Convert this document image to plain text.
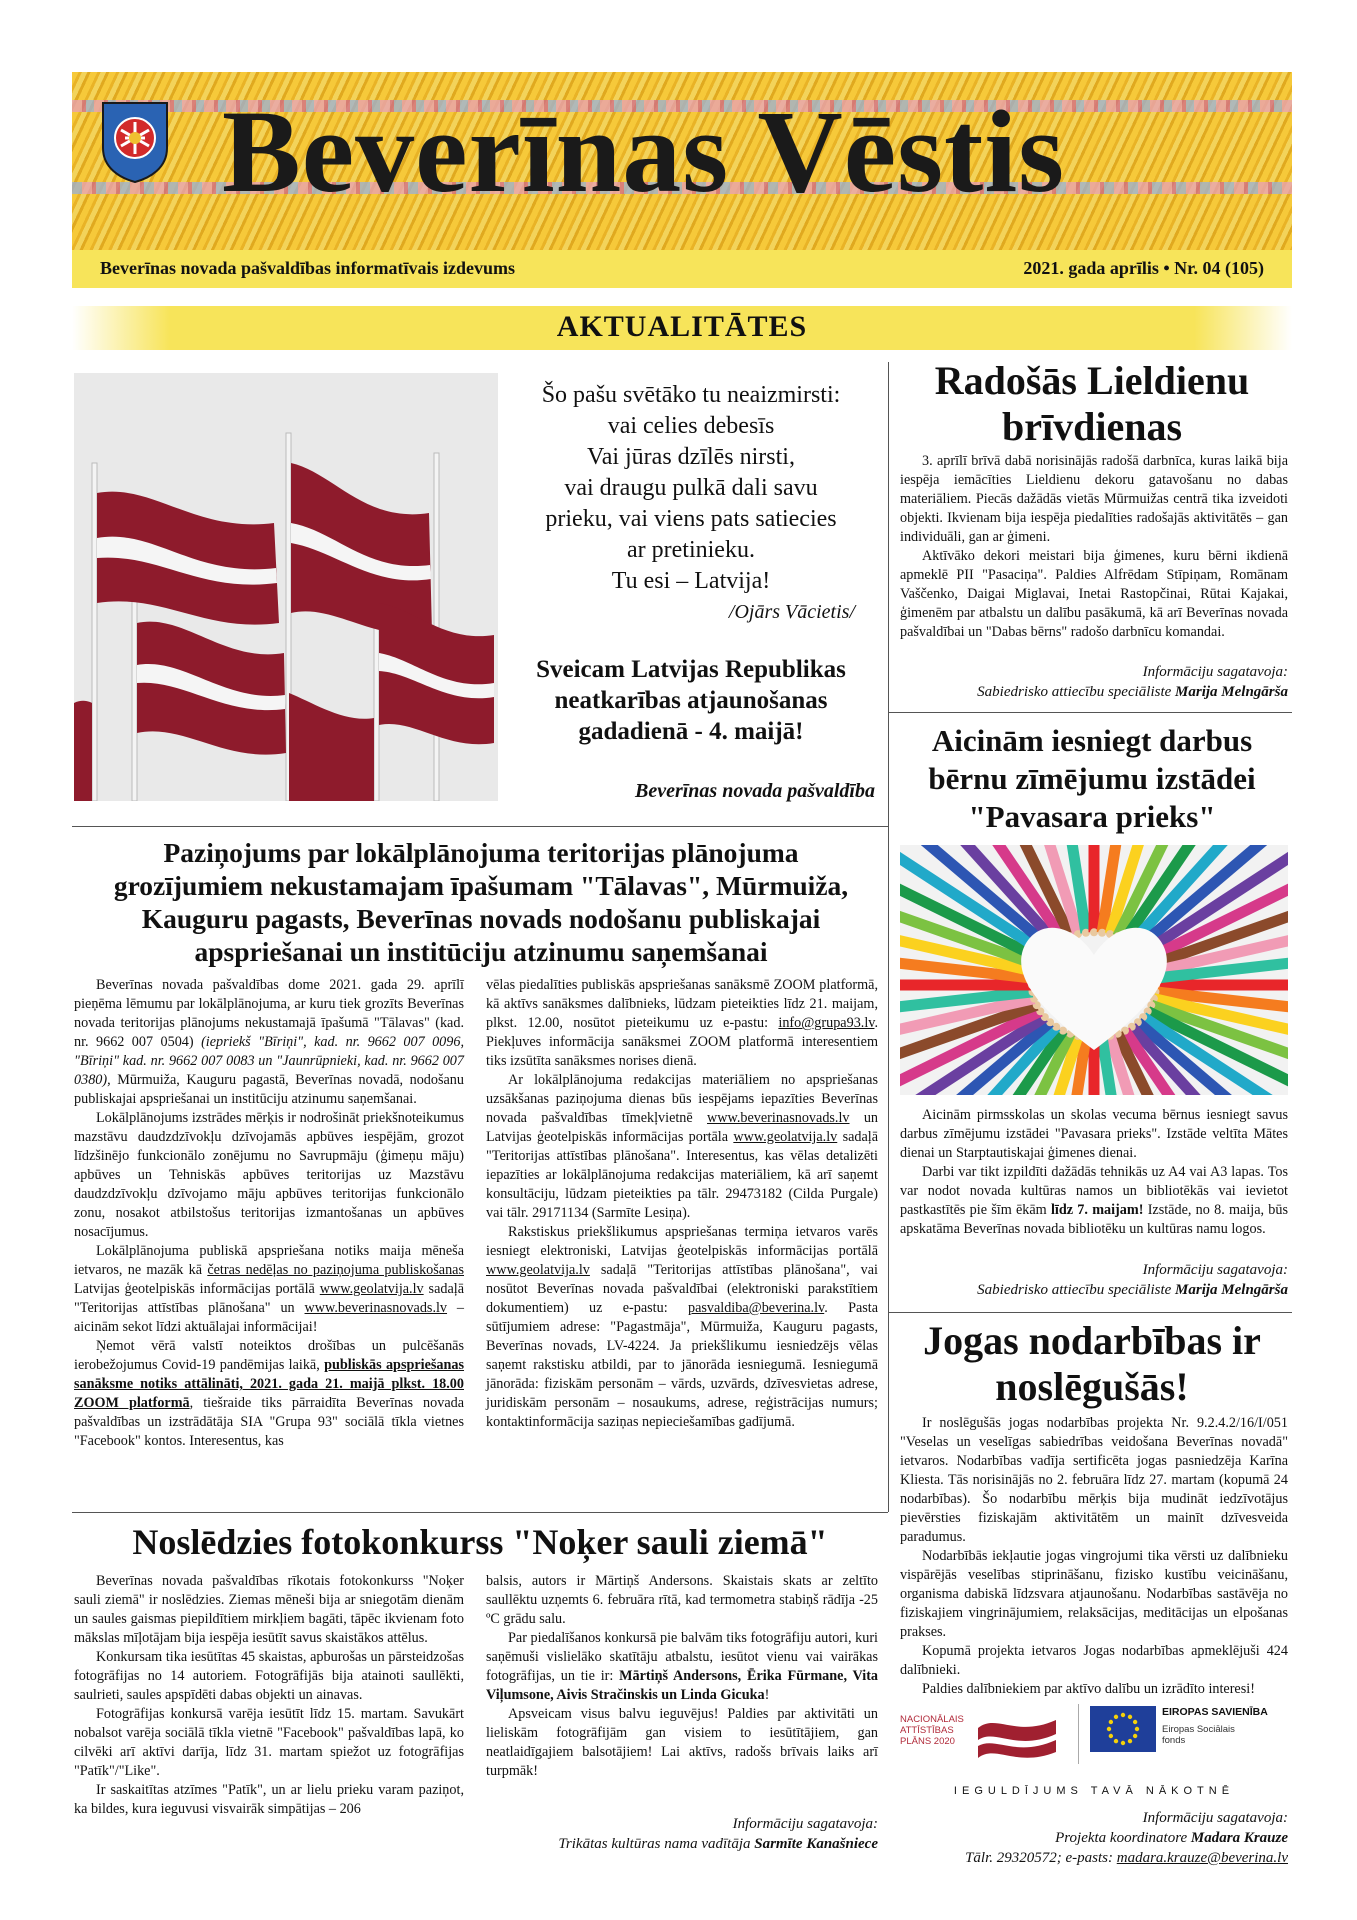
Beverīnas Vēstis
Beverīnas novada pašvaldības informatīvais izdevums	2021. gada aprīlis • Nr. 04 (105)
AKTUALITĀTES
Šo pašu svētāko tu neaizmirsti:
vai celies debesīs
Vai jūras dzīlēs nirsti,
vai draugu pulkā dali savu
prieku, vai viens pats satiecies
ar pretinieku.
Tu esi – Latvija!
/Ojārs Vācietis/
Sveicam Latvijas Republikas neatkarības atjaunošanas gadadienā - 4. maijā!
Beverīnas novada pašvaldība
Radošās Lieldienu brīvdienas

3. aprīlī brīvā dabā norisinājās radošā darbnīca, kuras laikā bija iespēja iemācīties Lieldienu dekoru gatavošanu no dabas materiāliem. Piecās dažādās vietās Mūrmuižas centrā tika izveidoti objekti. Ikvienam bija iespēja piedalīties radošajās aktivitātēs – gan individuāli, gan ar ģimeni.

Aktīvāko dekori meistari bija ģimenes, kuru bērni ikdienā apmeklē PII "Pasaciņa". Paldies Alfrēdam Stīpiņam, Romānam Vaščenko, Daigai Miglavai, Inetai Rastopčinai, Rūtai Kajakai, ģimenēm par atbalstu un dalību pasākumā, kā arī Beverīnas novada pašvaldībai un "Dabas bērns" radošo darbnīcu komandai.

Informāciju sagatavoja:
Sabiedrisko attiecību speciāliste Marija Melngārša
Aicinām iesniegt darbus bērnu zīmējumu izstādei "Pavasara prieks"

Aicinām pirmsskolas un skolas vecuma bērnus iesniegt savus darbus zīmējumu izstādei "Pavasara prieks". Izstāde veltīta Mātes dienai un Starptautiskajai ģimenes dienai.

Darbi var tikt izpildīti dažādās tehnikās uz A4 vai A3 lapas. Tos var nodot novada kultūras namos un bibliotēkās vai ievietot pastkastītēs pie šīm ēkām līdz 7. maijam! Izstāde, no 8. maija, būs apskatāma Beverīnas novada bibliotēku un kultūras namu logos.

Informāciju sagatavoja:
Sabiedrisko attiecību speciāliste Marija Melngārša
Paziņojums par lokālplānojuma teritorijas plānojuma grozījumiem nekustamajam īpašumam "Tālavas", Mūrmuiža, Kauguru pagasts, Beverīnas novads nodošanu publiskajai apspriešanai un institūciju atzinumu saņemšanai

Beverīnas novada pašvaldības dome 2021. gada 29. aprīlī pieņēma lēmumu par lokālplānojuma, ar kuru tiek grozīts Beverīnas novada teritorijas plānojums nekustamajā īpašumā "Tālavas" (kad. nr. 9662 007 0504) (iepriekš "Bīriņi", kad. nr. 9662 007 0096, "Bīriņi" kad. nr. 9662 007 0083 un "Jaunrūpnieki, kad. nr. 9662 007 0380), Mūrmuiža, Kauguru pagastā, Beverīnas novadā, nodošanu publiskajai apspriešanai un institūciju atzinumu saņemšanai.

Lokālplānojums izstrādes mērķis ir nodrošināt priekšnoteikumus mazstāvu daudzdzīvokļu dzīvojamās apbūves iespējām, grozot līdzšinējo funkcionālo zonējumu no Savrupmāju (ģimeņu māju) apbūves un Tehniskās apbūves teritorijas uz Mazstāvu daudzdzīvokļu dzīvojamo māju apbūves teritorijas funkcionālo zonu, nosakot atbilstošus teritorijas izmantošanas un apbūves nosacījumus.

Lokālplānojuma publiskā apspriešana notiks maija mēneša ietvaros, ne mazāk kā četras nedēļas no paziņojuma publiskošanas Latvijas ģeotelpiskās informācijas portālā www.geolatvija.lv sadaļā "Teritorijas attīstības plānošana" un www.beverinasnovads.lv – aicinām sekot līdzi aktuālajai informācijai!

Ņemot vērā valstī noteiktos drošības un pulcēšanās ierobežojumus Covid-19 pandēmijas laikā, publiskās apspriešanas sanāksme notiks attālināti, 2021. gada 21. maijā plkst. 18.00 ZOOM platformā, tiešraide tiks pārraidīta Beverīnas novada pašvaldības un izstrādātāja SIA "Grupa 93" sociālā tīkla vietnes "Facebook" kontos. Interesentus, kas

vēlas piedalīties publiskās apspriešanas sanāksmē ZOOM platformā, kā aktīvs sanāksmes dalībnieks, lūdzam pieteikties līdz 21. maijam, plkst. 12.00, nosūtot pieteikumu uz e-pastu: info@grupa93.lv. Piekļuves informācija sanāksmei ZOOM platformā interesentiem tiks izsūtīta sanāksmes norises dienā.

Ar lokālplānojuma redakcijas materiāliem no apspriešanas uzsākšanas paziņojuma dienas būs iespējams iepazīties Beverīnas novada pašvaldības tīmekļvietnē www.beverinasnovads.lv un Latvijas ģeotelpiskās informācijas portāla www.geolatvija.lv sadaļā "Teritorijas attīstības plānošana". Interesentus, kas vēlas detalizēti iepazīties ar lokālplānojuma redakcijas materiāliem, kā arī saņemt konsultāciju, lūdzam pieteikties pa tālr. 29473182 (Cilda Purgale) vai tālr. 29171134 (Sarmīte Lesiņa).

Rakstiskus priekšlikumus apspriešanas termiņa ietvaros varēs iesniegt elektroniski, Latvijas ģeotelpiskās informācijas portālā www.geolatvija.lv sadaļā "Teritorijas attīstības plānošana", vai nosūtot Beverīnas novada pašvaldībai (elektroniski parakstītiem dokumentiem) uz e-pastu: pasvaldiba@beverina.lv. Pasta sūtījumiem adrese: "Pagastmāja", Mūrmuiža, Kauguru pagasts, Beverīnas novads, LV-4224. Ja priekšlikumu iesniedzējs vēlas saņemt rakstisku atbildi, par to jānorāda iesniegumā. Iesniegumā jānorāda: fiziskām personām – vārds, uzvārds, dzīvesvietas adrese, juridiskām personām – nosaukums, adrese, reģistrācijas numurs; kontaktinformācija saziņas nepieciešamības gadījumā.

Noslēdzies fotokonkurss "Noķer sauli ziemā"

Beverīnas novada pašvaldības rīkotais fotokonkurss "Noķer sauli ziemā" ir noslēdzies. Ziemas mēneši bija ar sniegotām dienām un saules gaismas piepildītiem mirkļiem bagāti, tāpēc ikvienam foto mākslas mīļotājam bija iespēja iesūtīt savus skaistākos attēlus.

Konkursam tika iesūtītas 45 skaistas, apburošas un pārsteidzošas fotogrāfijas no 14 autoriem. Fotogrāfijās bija atainoti saullēkti, saulrieti, saules apspīdēti dabas objekti un ainavas.

Fotogrāfijas konkursā varēja iesūtīt līdz 15. martam. Savukārt nobalsot varēja sociālā tīkla vietnē "Facebook" pašvaldības lapā, ko cilvēki arī aktīvi darīja, līdz 31. martam spiežot uz fotogrāfijas "Patīk"/"Like".

Ir saskaitītas atzīmes "Patīk", un ar lielu prieku varam paziņot, ka bildes, kura ieguvusi visvairāk simpātijas – 206

balsis, autors ir Mārtiņš Andersons. Skaistais skats ar zeltīto saullēktu uzņemts 6. februāra rītā, kad termometra stabiņš rādīja -25 ºC grādu salu.

Par piedalīšanos konkursā pie balvām tiks fotogrāfiju autori, kuri saņēmuši vislielāko skatītāju atbalstu, iesūtot vienu vai vairākas fotogrāfijas, un tie ir: Mārtiņš Andersons, Ērika Fūrmane, Vita Viļumsone, Aivis Stračinskis un Linda Gicuka!

Apsveicam visus balvu ieguvējus! Paldies par aktivitāti un lieliskām fotogrāfijām gan visiem to iesūtītājiem, gan neatlaidīgajiem balsotājiem! Lai aktīvs, radošs brīvais laiks arī turpmāk!

Informāciju sagatavoja:
Trikātas kultūras nama vadītāja Sarmīte Kanašniece
Jogas nodarbības ir noslēgušās!

Ir noslēgušās jogas nodarbības projekta Nr. 9.2.4.2/16/I/051 "Veselas un veselīgas sabiedrības veidošana Beverīnas novadā" ietvaros. Nodarbības vadīja sertificēta jogas pasniedzēja Karīna Kliesta. Tās norisinājās no 2. februāra līdz 27. martam (kopumā 24 nodarbības). Šo nodarbību mērķis bija mudināt iedzīvotājus pievērsties fiziskajām aktivitātēm un mainīt dzīvesveida paradumus.

Nodarbībās iekļautie jogas vingrojumi tika vērsti uz dalībnieku vispārējās veselības stiprināšanu, fizisko kustību veicināšanu, organisma dabiskā līdzsvara atjaunošanu. Nodarbības sastāvēja no fiziskajiem vingrinājumiem, relaksācijas, meditācijas un elpošanas prakses.

Kopumā projekta ietvaros Jogas nodarbības apmeklējuši 424 dalībnieki.

Paldies dalībniekiem par aktīvo dalību un izrādīto interesi!

NACIONĀLAIS
ATTĪSTĪBAS
PLĀNS 2020
EIROPAS SAVIENĪBA
Eiropas Sociālais
fonds
IEGULDĪJUMS TAVĀ NĀKOTNĒ
Informāciju sagatavoja:
Projekta koordinatore Madara Krauze
Tālr. 29320572; e-pasts: madara.krauze@beverina.lv
